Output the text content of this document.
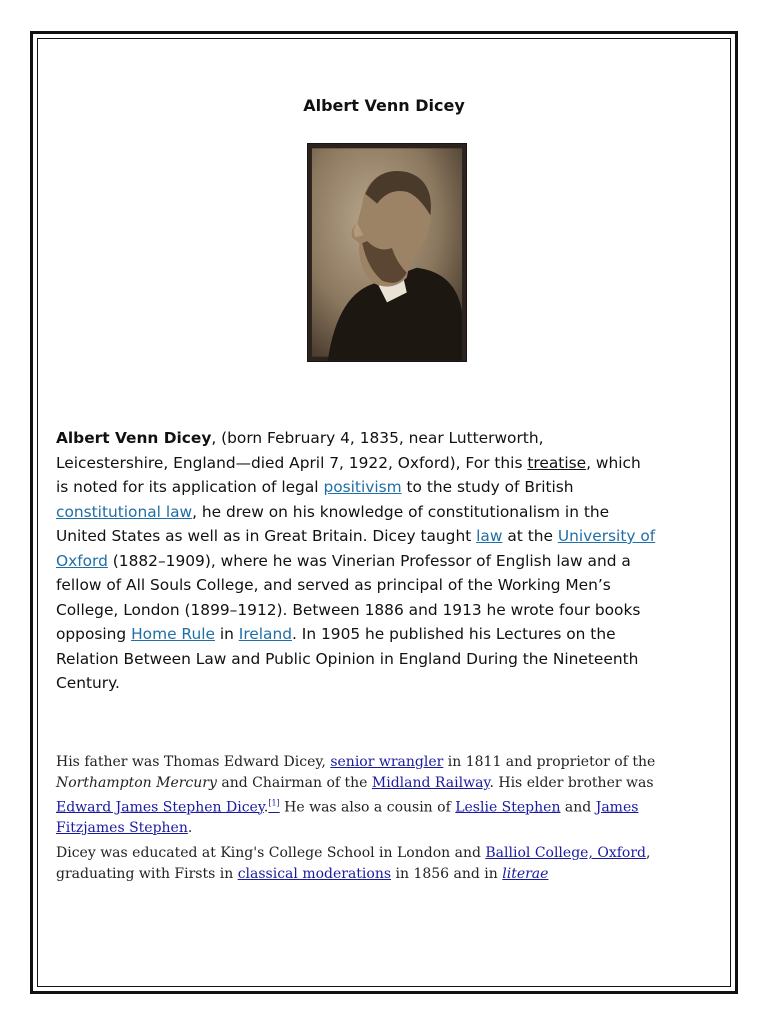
Albert Venn Dicey

Albert Venn Dicey, (born February 4, 1835, near Lutterworth, Leicestershire, England—died April 7, 1922, Oxford), For this treatise, which is noted for its application of legal positivism to the study of British constitutional law, he drew on his knowledge of constitutionalism in the United States as well as in Great Britain. Dicey taught law at the University of Oxford (1882–1909), where he was Vinerian Professor of English law and a fellow of All Souls College, and served as principal of the Working Men’s College, London (1899–1912). Between 1886 and 1913 he wrote four books opposing Home Rule in Ireland. In 1905 he published his Lectures on the Relation Between Law and Public Opinion in England During the Nineteenth Century.

His father was Thomas Edward Dicey, senior wrangler in 1811 and proprietor of the Northampton Mercury and Chairman of the Midland Railway. His elder brother was Edward James Stephen Dicey.[1] He was also a cousin of Leslie Stephen and James Fitzjames Stephen.

Dicey was educated at King's College School in London and Balliol College, Oxford, graduating with Firsts in classical moderations in 1856 and in literae
